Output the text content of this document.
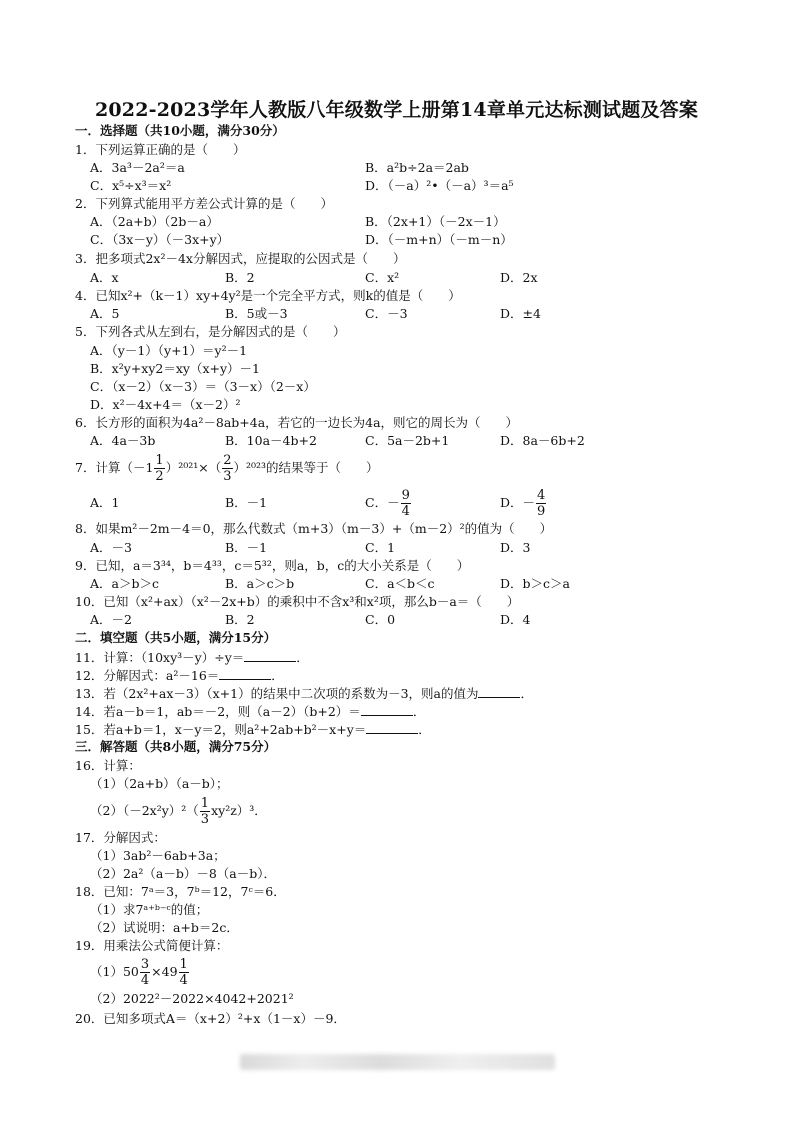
2022-2023学年人教版八年级数学上册第14章单元达标测试题及答案
一．选择题（共10小题，满分30分）
1．下列运算正确的是（　　）
A．3a³－2a²＝a	B．a²b÷2a＝2ab
C．x⁵÷x³＝x²	D．（－a）²•（－a）³＝a⁵
2．下列算式能用平方差公式计算的是（　　）
A．（2a+b）（2b－a）	B．（2x+1）（－2x－1）
C．（3x－y）（－3x+y）	D．（－m+n）（－m－n）
3．把多项式2x²－4x分解因式，应提取的公因式是（　　）
A．x	B．2	C．x²	D．2x
4．已知x²+（k－1）xy+4y²是一个完全平方式，则k的值是（　　）
A．5	B．5或－3	C．－3	D．±4
5．下列各式从左到右，是分解因式的是（　　）
A．（y－1）（y+1）＝y²－1
B．x²y+xy2＝xy（x+y）－1
C．（x－2）（x－3）＝（3－x）（2－x）
D．x²－4x+4＝（x－2）²
6．长方形的面积为4a²－8ab+4a，若它的一边长为4a，则它的周长为（　　）
A．4a－3b	B．10a－4b+2	C．5a－2b+1	D．8a－6b+2
7．计算$(-1 \frac{1}{2} )^{2021}\times( \frac{2}{3} )^{2023}$的结果等于（　　）
A．1	B．－1	C．－ $\frac{9}{4}$	D．－ $\frac{4}{9}$
8．如果m²－2m－4＝0，那么代数式（m+3）（m－3）+（m－2）²的值为（　　）
A．－3	B．－1	C．1	D．3
9．已知，a＝3³⁴，b＝4³³，c＝5³²，则a，b，c的大小关系是（　　）
A．a＞b＞c	B．a＞c＞b	C．a＜b＜c	D．b＞c＞a
10．已知（x²+ax）（x²－2x+b）的乘积中不含x³和x²项，那么b－a＝（　　）
A．－2	B．2	C．0	D．4
二．填空题（共5小题，满分15分）
11．计算：（10xy³－y）÷y＝	．
12．分解因式：a²－16＝	．
13．若（2x²+ax－3）（x+1）的结果中二次项的系数为－3，则a的值为	．
14．若a－b＝1，ab＝－2，则（a－2）（b+2）＝	．
15．若a+b＝1，x－y＝2，则a²+2ab+b²－x+y＝	．
三．解答题（共8小题，满分75分）
16．计算：
（1）（2a+b）（a－b）；
$(2)(-2x^2y)^2( \frac{1}{3} xy^2z)^3$．
17．分解因式：
（1）3ab²－6ab+3a；
（2）2a²（a－b）－8（a－b）．
18．已知：7ᵃ＝3，7ᵇ＝12，7ᶜ＝6．
（1）求7ᵃ⁺ᵇ⁻ᶜ的值；
（2）试说明：a+b＝2c．
19．用乘法公式简便计算：
$(1)50 \frac{3}{4} \times 49 \frac{1}{4}$
（2）2022²－2022×4042+2021²
20．已知多项式A＝（x+2）²+x（1－x）－9．
